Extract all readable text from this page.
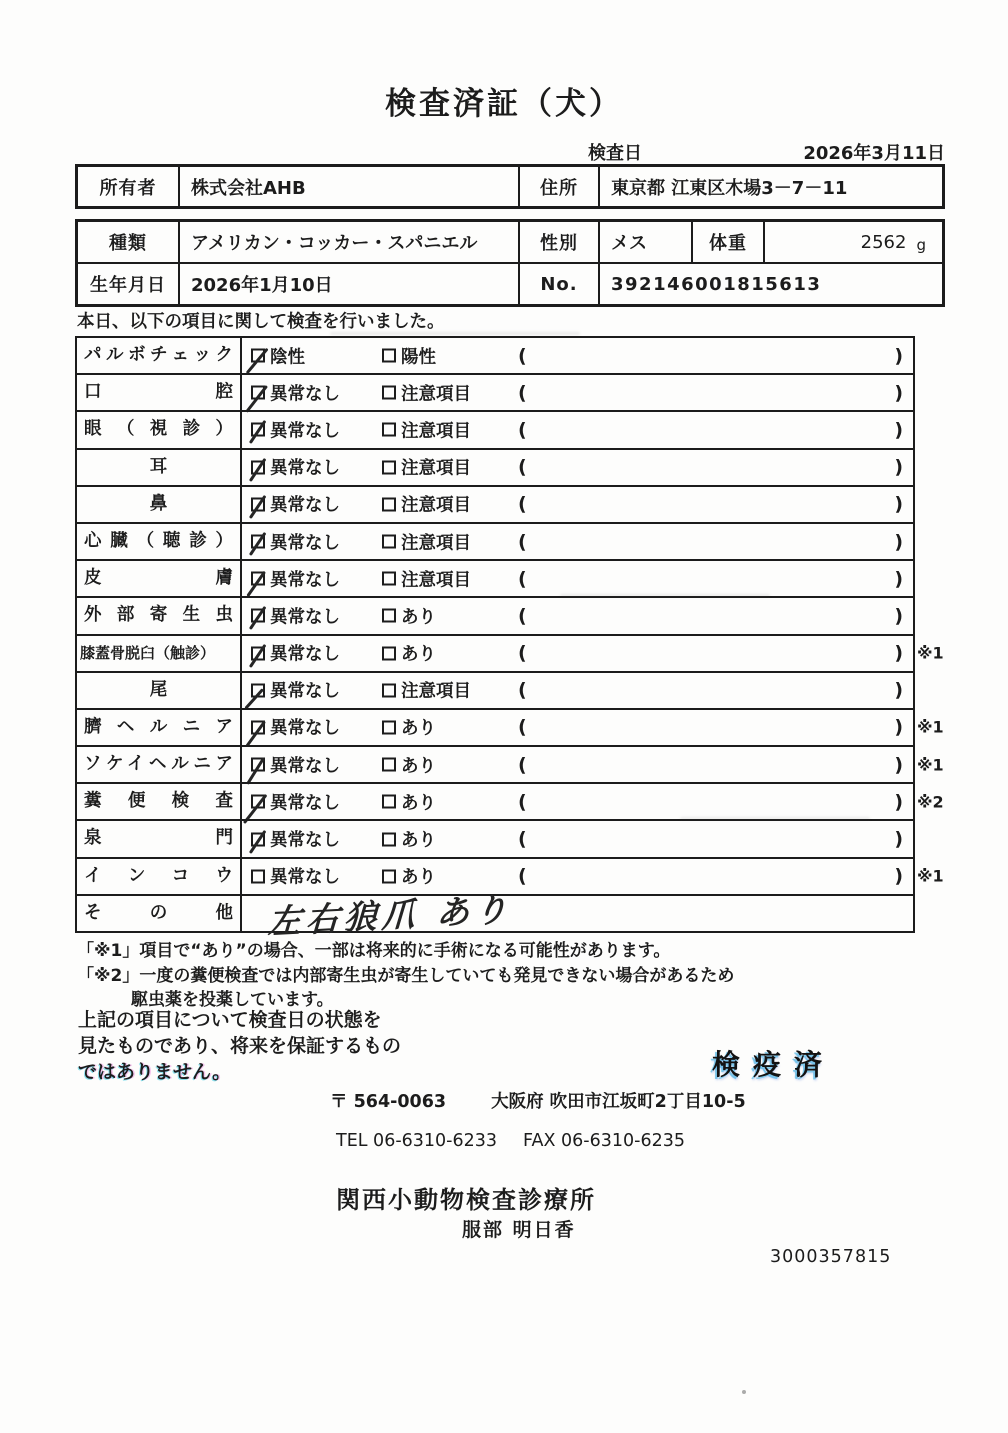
検査済証（犬）
検査日	2026年3月11日
所有者	株式会社AHB	住所	東京都 江東区木場3－7－11
種類	アメリカン・コッカー・スパニエル	性別	メス	体重	2562 g
生年月日	2026年1月10日	No.	392146001815613
本日、以下の項目に関して検査を行いました。
パルボチェック	陰性	陽性	(	)
口腔	異常なし	注意項目 (	)
眼（視診）	異常なし	注意項目 (	)
耳	異常なし	注意項目 (	)
鼻	異常なし	注意項目 (	)
心臓（聴診）	異常なし	注意項目 (	)
皮膚	異常なし	注意項目 (	)
外部寄生虫	異常なし	あり	(	)
膝蓋骨脱臼（触診）	異常なし	あり	(	) ※1
尾	異常なし	注意項目 (	)
臍ヘルニア	異常なし	あり	(	) ※1
ソケイヘルニア	異常なし	あり	(	) ※1
糞便検査	異常なし	あり	(	) ※2
泉門	異常なし	あり	(	)
インコウ	異常なし	あり	(	) ※1
その他 左右狼爪 あり
「※1」項目で“あり”の場合、一部は将来的に手術になる可能性があります。
「※2」一度の糞便検査では内部寄生虫が寄生していても発見できない場合があるため
駆虫薬を投薬しています。
上記の項目について検査日の状態を
見たものであり、将来を保証するもの
ではありません。	検疫済
〒 564-0063	大阪府 吹田市江坂町2丁目10-5
TEL 06-6310-6233 FAX 06-6310-6235
関西小動物検査診療所
服部 明日香
3000357815
